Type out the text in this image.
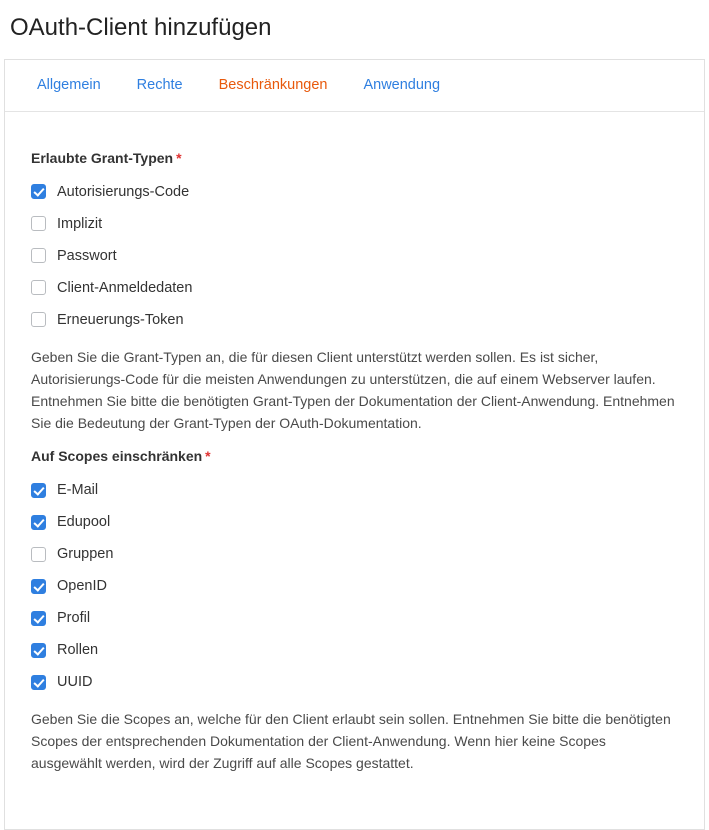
OAuth-Client hinzufügen
Allgemein	Rechte	Beschränkungen	Anwendung
Erlaubte Grant-Typen *
Autorisierungs-Code
Implizit
Passwort
Client-Anmeldedaten
Erneuerungs-Token

Geben Sie die Grant-Typen an, die für diesen Client unterstützt werden sollen. Es ist sicher, Autorisierungs-Code für die meisten Anwendungen zu unterstützen, die auf einem Webserver laufen. Entnehmen Sie bitte die benötigten Grant-Typen der Dokumentation der Client-Anwendung. Entnehmen Sie die Bedeutung der Grant-Typen der OAuth-Dokumentation.

Auf Scopes einschränken *
E-Mail
Edupool
Gruppen
OpenID
Profil
Rollen
UUID

Geben Sie die Scopes an, welche für den Client erlaubt sein sollen. Entnehmen Sie bitte die benötigten Scopes der entsprechenden Dokumentation der Client-Anwendung. Wenn hier keine Scopes ausgewählt werden, wird der Zugriff auf alle Scopes gestattet.
